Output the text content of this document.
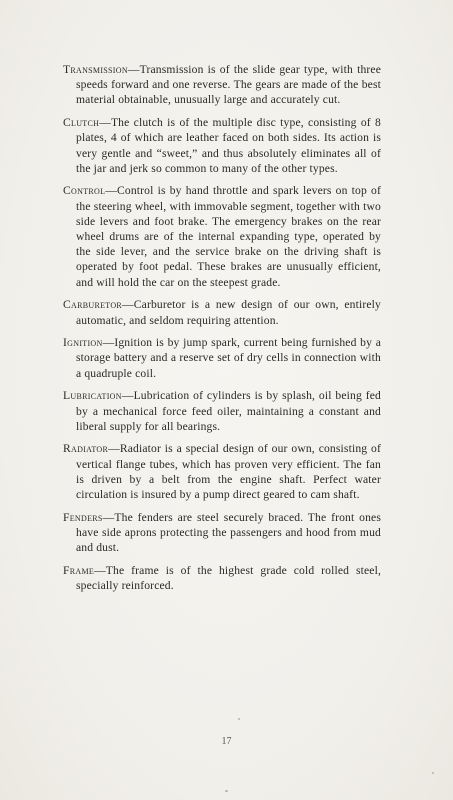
Transmission—Transmission is of the slide gear type, with three speeds forward and one reverse. The gears are made of the best material obtainable, unusually large and accurately cut.

Clutch—The clutch is of the multiple disc type, consisting of 8 plates, 4 of which are leather faced on both sides. Its action is very gentle and “sweet,” and thus absolutely eliminates all of the jar and jerk so common to many of the other types.

Control—Control is by hand throttle and spark levers on top of the steering wheel, with immovable segment, together with two side levers and foot brake. The emergency brakes on the rear wheel drums are of the internal expanding type, operated by the side lever, and the service brake on the driving shaft is operated by foot pedal. These brakes are unusually efficient, and will hold the car on the steepest grade.

Carburetor—Carburetor is a new design of our own, entirely automatic, and seldom requiring attention.

Ignition—Ignition is by jump spark, current being furnished by a storage battery and a reserve set of dry cells in connection with a quadruple coil.

Lubrication—Lubrication of cylinders is by splash, oil being fed by a mechanical force feed oiler, maintaining a constant and liberal supply for all bearings.

Radiator—Radiator is a special design of our own, consisting of vertical flange tubes, which has proven very efficient. The fan is driven by a belt from the engine shaft. Perfect water circulation is insured by a pump direct geared to cam shaft.

Fenders—The fenders are steel securely braced. The front ones have side aprons protecting the passengers and hood from mud and dust.

Frame—The frame is of the highest grade cold rolled steel, specially reinforced.

17
